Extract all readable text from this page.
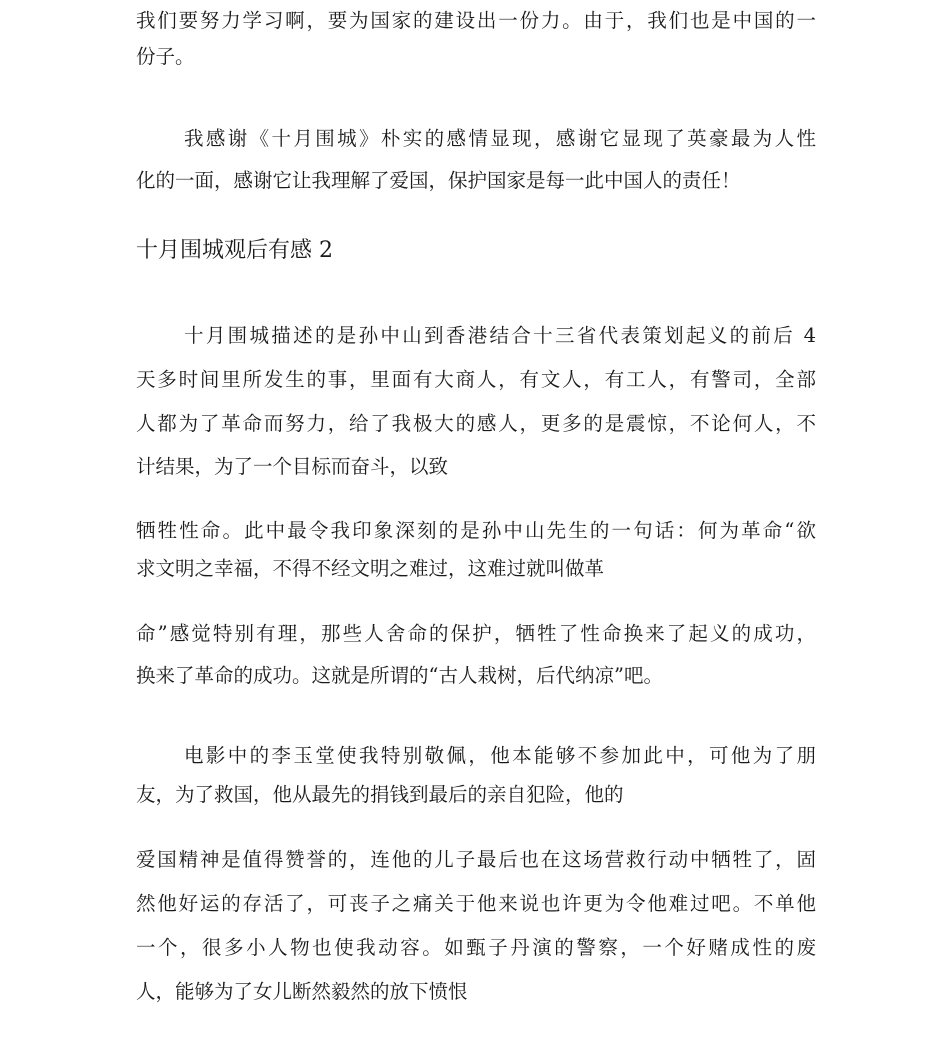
我们要努力学习啊，要为国家的建设出一份力。由于，我们也是中国的一
份子。
我感谢《十月围城》朴实的感情显现，感谢它显现了英豪最为人性
化的一面，感谢它让我理解了爱国，保护国家是每一此中国人的责任！
十月围城观后有感 2
十月围城描述的是孙中山到香港结合十三省代表策划起义的前后 4
天多时间里所发生的事，里面有大商人，有文人，有工人，有警司，全部
人都为了革命而努力，给了我极大的感人，更多的是震惊，不论何人，不
计结果，为了一个目标而奋斗，以致
牺牲性命。此中最令我印象深刻的是孙中山先生的一句话：何为革命“欲
求文明之幸福，不得不经文明之难过，这难过就叫做革
命”感觉特别有理，那些人舍命的保护，牺牲了性命换来了起义的成功，
换来了革命的成功。这就是所谓的“古人栽树，后代纳凉”吧。
电影中的李玉堂使我特别敬佩，他本能够不参加此中，可他为了朋
友，为了救国，他从最先的捐钱到最后的亲自犯险，他的
爱国精神是值得赞誉的，连他的儿子最后也在这场营救行动中牺牲了，固
然他好运的存活了，可丧子之痛关于他来说也许更为令他难过吧。不单他
一个，很多小人物也使我动容。如甄子丹演的警察，一个好赌成性的废
人，能够为了女儿断然毅然的放下愤恨
